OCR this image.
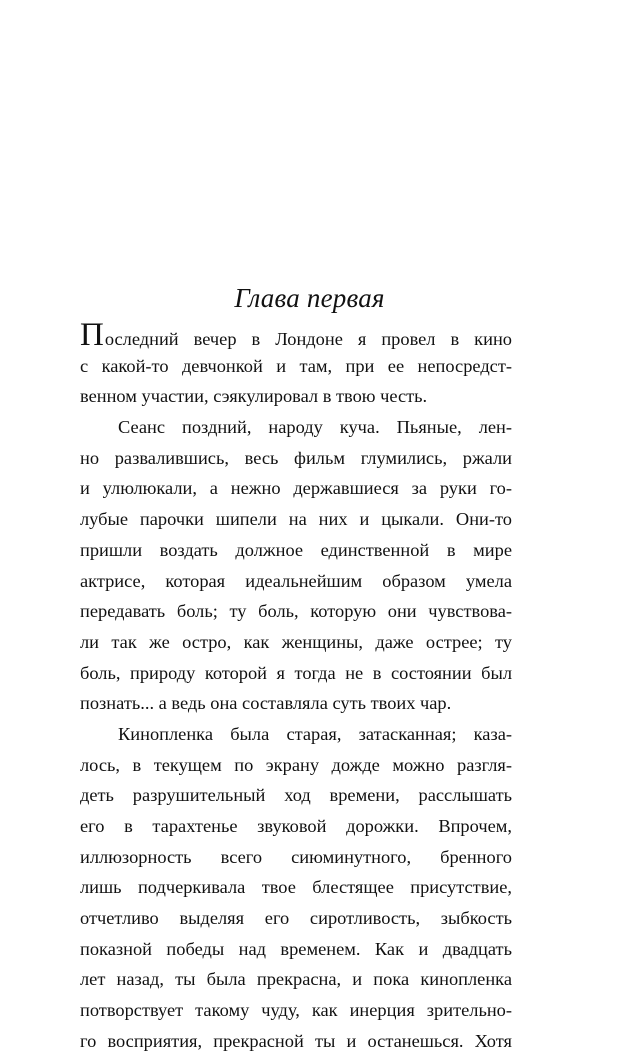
Глава первая
Последний вечер в Лондоне я провел в кино
с какой-то девчонкой и там, при ее непосредст-
венном участии, сэякулировал в твою честь.
Сеанс поздний, народу куча. Пьяные, лен-
но развалившись, весь фильм глумились, ржали
и улюлюкали, а нежно державшиеся за руки го-
лубые парочки шипели на них и цыкали. Они-то
пришли воздать должное единственной в мире
актрисе, которая идеальнейшим образом умела
передавать боль; ту боль, которую они чувствова-
ли так же остро, как женщины, даже острее; ту
боль, природу которой я тогда не в состоянии был
познать... а ведь она составляла суть твоих чар.
Кинопленка была старая, затасканная; каза-
лось, в текущем по экрану дожде можно разгля-
деть разрушительный ход времени, расслышать
его в тарахтенье звуковой дорожки. Впрочем,
иллюзорность всего сиюминутного, бренного
лишь подчеркивала твое блестящее присутствие,
отчетливо выделяя его сиротливость, зыбкость
показной победы над временем. Как и двадцать
лет назад, ты была прекрасна, и пока кинопленка
потворствует такому чуду, как инерция зрительно-
го восприятия, прекрасной ты и останешься. Хотя
